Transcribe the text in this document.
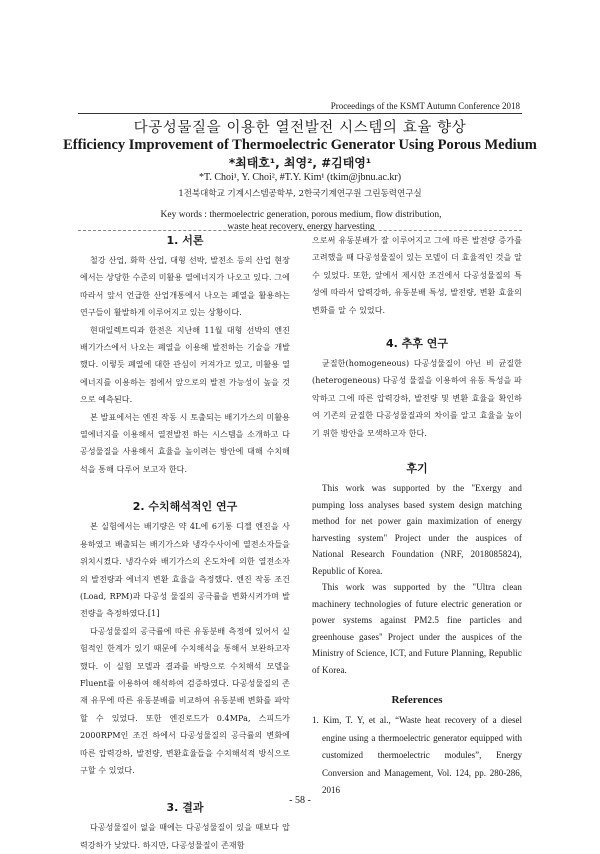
Proceedings of the KSMT Autumn Conference 2018
다공성물질을 이용한 열전발전 시스템의 효율 향상
Efficiency Improvement of Thermoelectric Generator Using Porous Medium
*최태호¹, 최영², #김태영¹
*T. Choi¹, Y. Choi², #T.Y. Kim¹ (tkim@jbnu.ac.kr)
1전북대학교 기계시스템공학부, 2한국기계연구원 그린동력연구실
Key words : thermoelectric generation, porous medium, flow distribution, waste heat recovery, energy harvesting
1. 서론

철강 산업, 화학 산업, 대형 선박, 발전소 등의 산업 현장에서는 상당한 수준의 미활용 열에너지가 나오고 있다. 그에 따라서 앞서 언급한 산업개통에서 나오는 폐열을 활용하는 연구들이 활발하게 이루어지고 있는 상황이다.

현대일렉트릭과 한전은 지난해 11월 대형 선박의 엔진 배기가스에서 나오는 폐열을 이용해 발전하는 기술을 개발했다. 이렇듯 폐열에 대한 관심이 커져가고 있고, 미활용 열에너지를 이용하는 점에서 앞으로의 발전 가능성이 높을 것으로 예측된다.

본 발표에서는 엔진 작동 시 토출되는 배기가스의 미활용 열에너지를 이용해서 열전발전 하는 시스템을 소개하고 다공성물질을 사용해서 효율을 높이려는 방안에 대해 수치해석을 통해 다루어 보고자 한다.

2. 수치해석적인 연구

본 실험에서는 배기량은 약 4L에 6기통 디젤 엔진을 사용하였고 배출되는 배기가스와 냉각수사이에 열전소자들을 위치시켰다. 냉각수와 배기가스의 온도차에 의한 열전소자의 발전량과 에너지 변환 효율을 측정했다. 엔진 작동 조건(Load, RPM)과 다공성 물질의 공극률을 변화시켜가며 발전량을 측정하였다.[1]

다공성물질의 공극률에 따른 유동분배 측정에 있어서 실험적인 한계가 있기 때문에 수치해석을 통해서 보완하고자 했다. 이 실험 모델과 결과를 바탕으로 수치해석 모델을 Fluent를 이용하여 해석하여 검증하였다. 다공성물질의 존재 유무에 따른 유동분배를 비교하여 유동분배 변화를 파악할 수 있었다. 또한 엔진로드가 0.4MPa, 스피드가 2000RPM인 조건 하에서 다공성물질의 공극률의 변화에 따른 압력강하, 발전량, 변환효율들을 수치해석적 방식으로 구할 수 있었다.

3. 결과

다공성물질이 없을 때에는 다공성물질이 있을 때보다 압력강하가 낮았다. 하지만, 다공성물질이 존재함

으로써 유동분배가 잘 이루어지고 그에 따른 발전량 증가를 고려했을 때 다공성물질이 있는 모델이 더 효율적인 것을 알 수 있었다. 또한, 앞에서 제시한 조건에서 다공성물질의 특성에 따라서 압력강하, 유동분배 특성, 발전량, 변환 효율의 변화를 알 수 있었다.
4. 추후 연구

균질한(homogeneous) 다공성물질이 아닌 비 균질한(heterogeneous) 다공성 물질을 이용하여 유동 특성을 파악하고 그에 따른 압력강하, 발전량 및 변환 효율을 확인하여 기존의 균질한 다공성물질과의 차이를 알고 효율을 높이기 위한 방안을 모색하고자 한다.

후기

This work was supported by the "Exergy and pumping loss analyses based system design matching method for net power gain maximization of energy harvesting system" Project under the auspices of National Research Foundation (NRF, 2018085824), Republic of Korea.

This work was supported by the "Ultra clean machinery technologies of future electric generation or power systems against PM2.5 fine particles and greenhouse gases" Project under the auspices of the Ministry of Science, ICT, and Future Planning, Republic of Korea.

References

1. Kim, T. Y, et al., “Waste heat recovery of a diesel engine using a thermoelectric generator equipped with customized thermoelectric modules”, Energy Conversion and Management, Vol. 124, pp. 280-286, 2016

- 58 -
